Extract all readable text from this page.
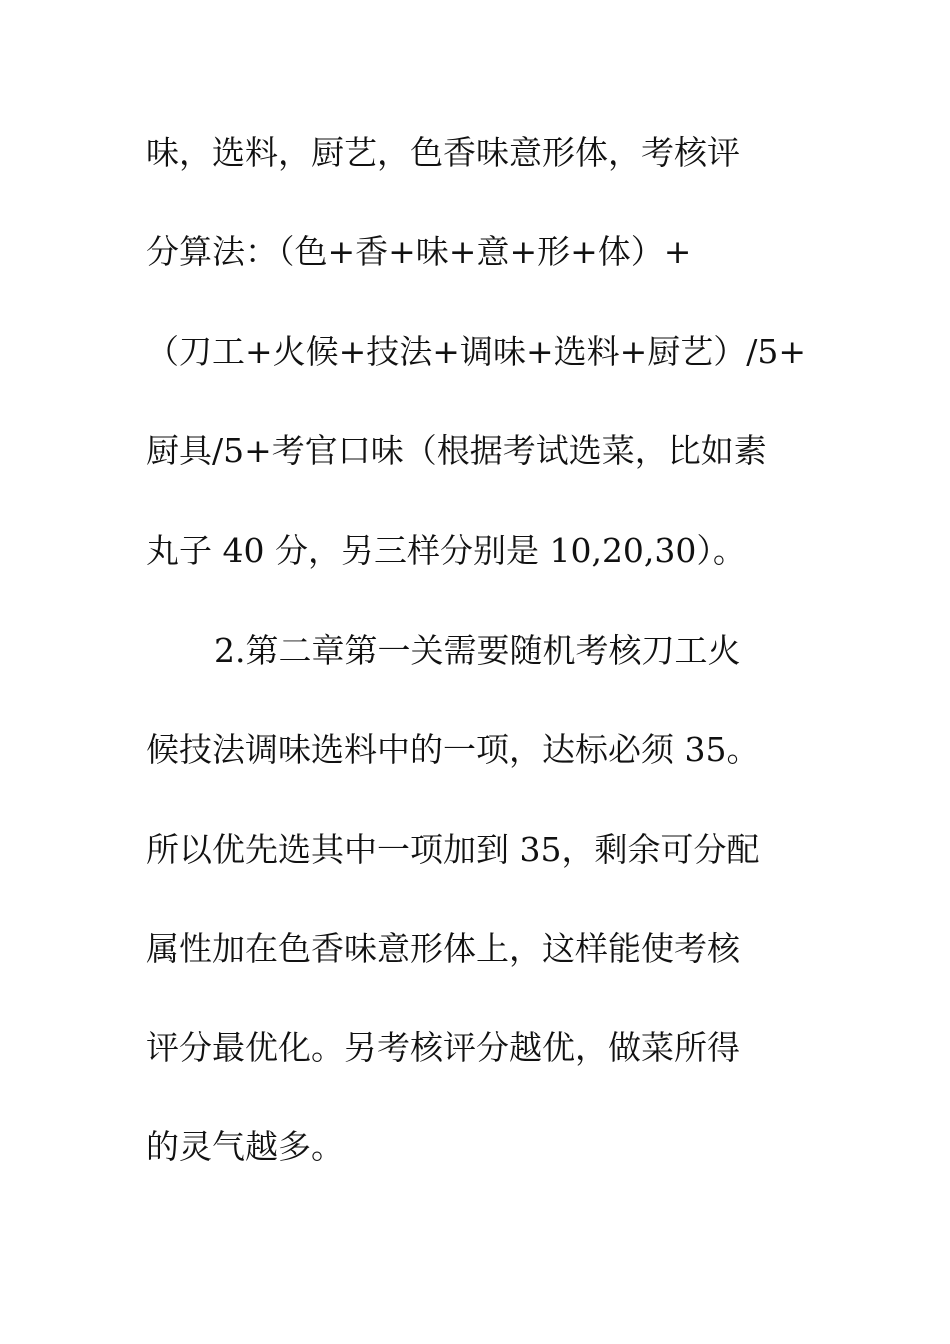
味，选料，厨艺，色香味意形体，考核评
分算法：（色+香+味+意+形+体）+
（刀工+火候+技法+调味+选料+厨艺）/5+
厨具/5+考官口味（根据考试选菜，比如素
丸子 40 分，另三样分别是 10,20,30）。
2.第二章第一关需要随机考核刀工火
候技法调味选料中的一项，达标必须 35。
所以优先选其中一项加到 35，剩余可分配
属性加在色香味意形体上，这样能使考核
评分最优化。另考核评分越优，做菜所得
的灵气越多。
